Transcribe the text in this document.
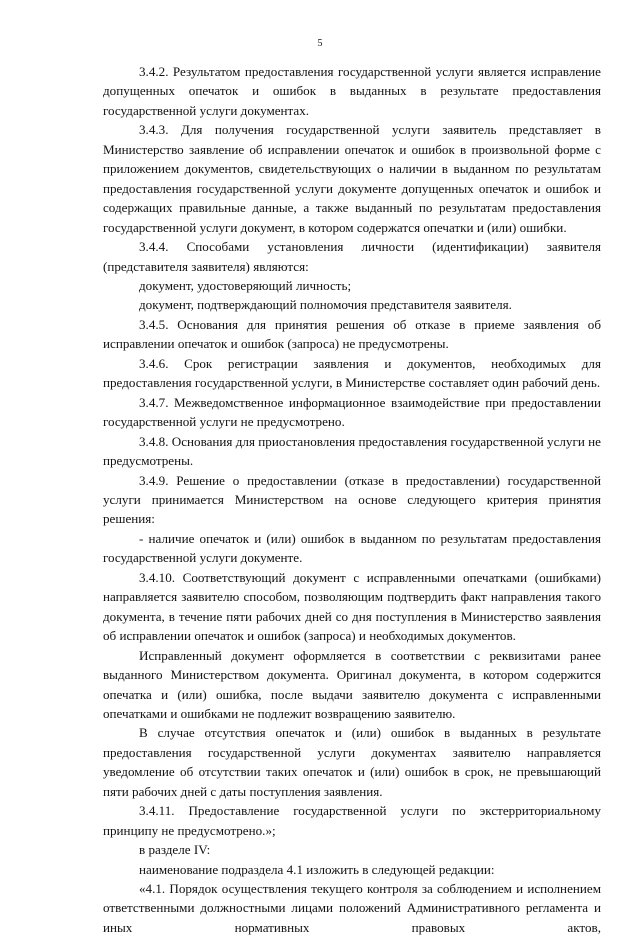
5

3.4.2. Результатом предоставления государственной услуги является исправление допущенных опечаток и ошибок в выданных в результате предоставления государственной услуги документах.

3.4.3. Для получения государственной услуги заявитель представляет в Министерство заявление об исправлении опечаток и ошибок в произвольной форме с приложением документов, свидетельствующих о наличии в выданном по результатам предоставления государственной услуги документе допущенных опечаток и ошибок и содержащих правильные данные, а также выданный по результатам предоставления государственной услуги документ, в котором содержатся опечатки и (или) ошибки.

3.4.4. Способами установления личности (идентификации) заявителя (представителя заявителя) являются:

документ, удостоверяющий личность;

документ, подтверждающий полномочия представителя заявителя.

3.4.5. Основания для принятия решения об отказе в приеме заявления об исправлении опечаток и ошибок (запроса) не предусмотрены.

3.4.6. Срок регистрации заявления и документов, необходимых для предоставления государственной услуги, в Министерстве составляет один рабочий день.

3.4.7. Межведомственное информационное взаимодействие при предоставлении государственной услуги не предусмотрено.

3.4.8. Основания для приостановления предоставления государственной услуги не предусмотрены.

3.4.9. Решение о предоставлении (отказе в предоставлении) государственной услуги принимается Министерством на основе следующего критерия принятия решения:

- наличие опечаток и (или) ошибок в выданном по результатам предоставления государственной услуги документе.

3.4.10. Соответствующий документ с исправленными опечатками (ошибками) направляется заявителю способом, позволяющим подтвердить факт направления такого документа, в течение пяти рабочих дней со дня поступления в Министерство заявления об исправлении опечаток и ошибок (запроса) и необходимых документов.

Исправленный документ оформляется в соответствии с реквизитами ранее выданного Министерством документа. Оригинал документа, в котором содержится опечатка и (или) ошибка, после выдачи заявителю документа с исправленными опечатками и ошибками не подлежит возвращению заявителю.

В случае отсутствия опечаток и (или) ошибок в выданных в результате предоставления государственной услуги документах заявителю направляется уведомление об отсутствии таких опечаток и (или) ошибок в срок, не превышающий пяти рабочих дней с даты поступления заявления.

3.4.11. Предоставление государственной услуги по экстерриториальному принципу не предусмотрено.»;

в разделе IV:

наименование подраздела 4.1 изложить в следующей редакции:

«4.1. Порядок осуществления текущего контроля за соблюдением и исполнением ответственными должностными лицами положений Административного регламента и иных нормативных правовых актов,
